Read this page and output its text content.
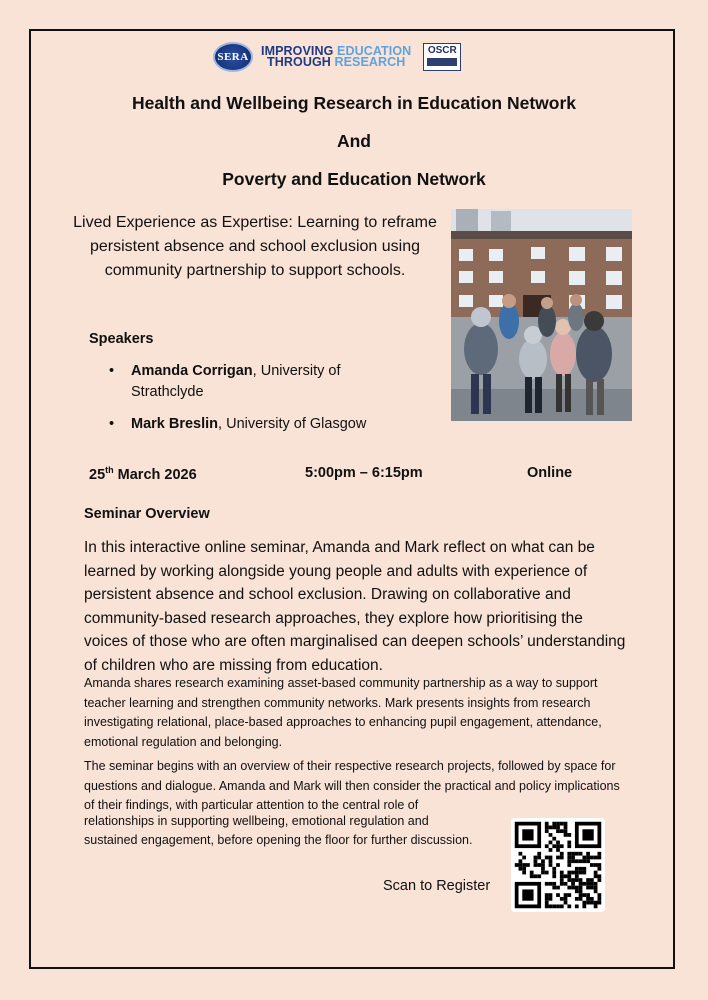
SERA IMPROVING EDUCATION
THROUGH RESEARCH
OSCR
Health and Wellbeing Research in Education Network
And
Poverty and Education Network
Lived Experience as Expertise: Learning to reframe persistent absence and school exclusion using community partnership to support schools.
Speakers
• Amanda Corrigan, University of Strathclyde
• Mark Breslin, University of Glasgow
25th March 2026	5:00pm – 6:15pm	Online
Seminar Overview
In this interactive online seminar, Amanda and Mark reflect on what can be learned by working alongside young people and adults with experience of persistent absence and school exclusion. Drawing on collaborative and community-based research approaches, they explore how prioritising the voices of those who are often marginalised can deepen schools’ understanding of children who are missing from education.
Amanda shares research examining asset-based community partnership as a way to support teacher learning and strengthen community networks. Mark presents insights from research investigating relational, place-based approaches to enhancing pupil engagement, attendance, emotional regulation and belonging.
The seminar begins with an overview of their respective research projects, followed by space for questions and dialogue. Amanda and Mark will then consider the practical and policy implications of their findings, with particular attention to the central role of
relationships in supporting wellbeing, emotional regulation and
sustained engagement, before opening the floor for further discussion.
Scan to Register
